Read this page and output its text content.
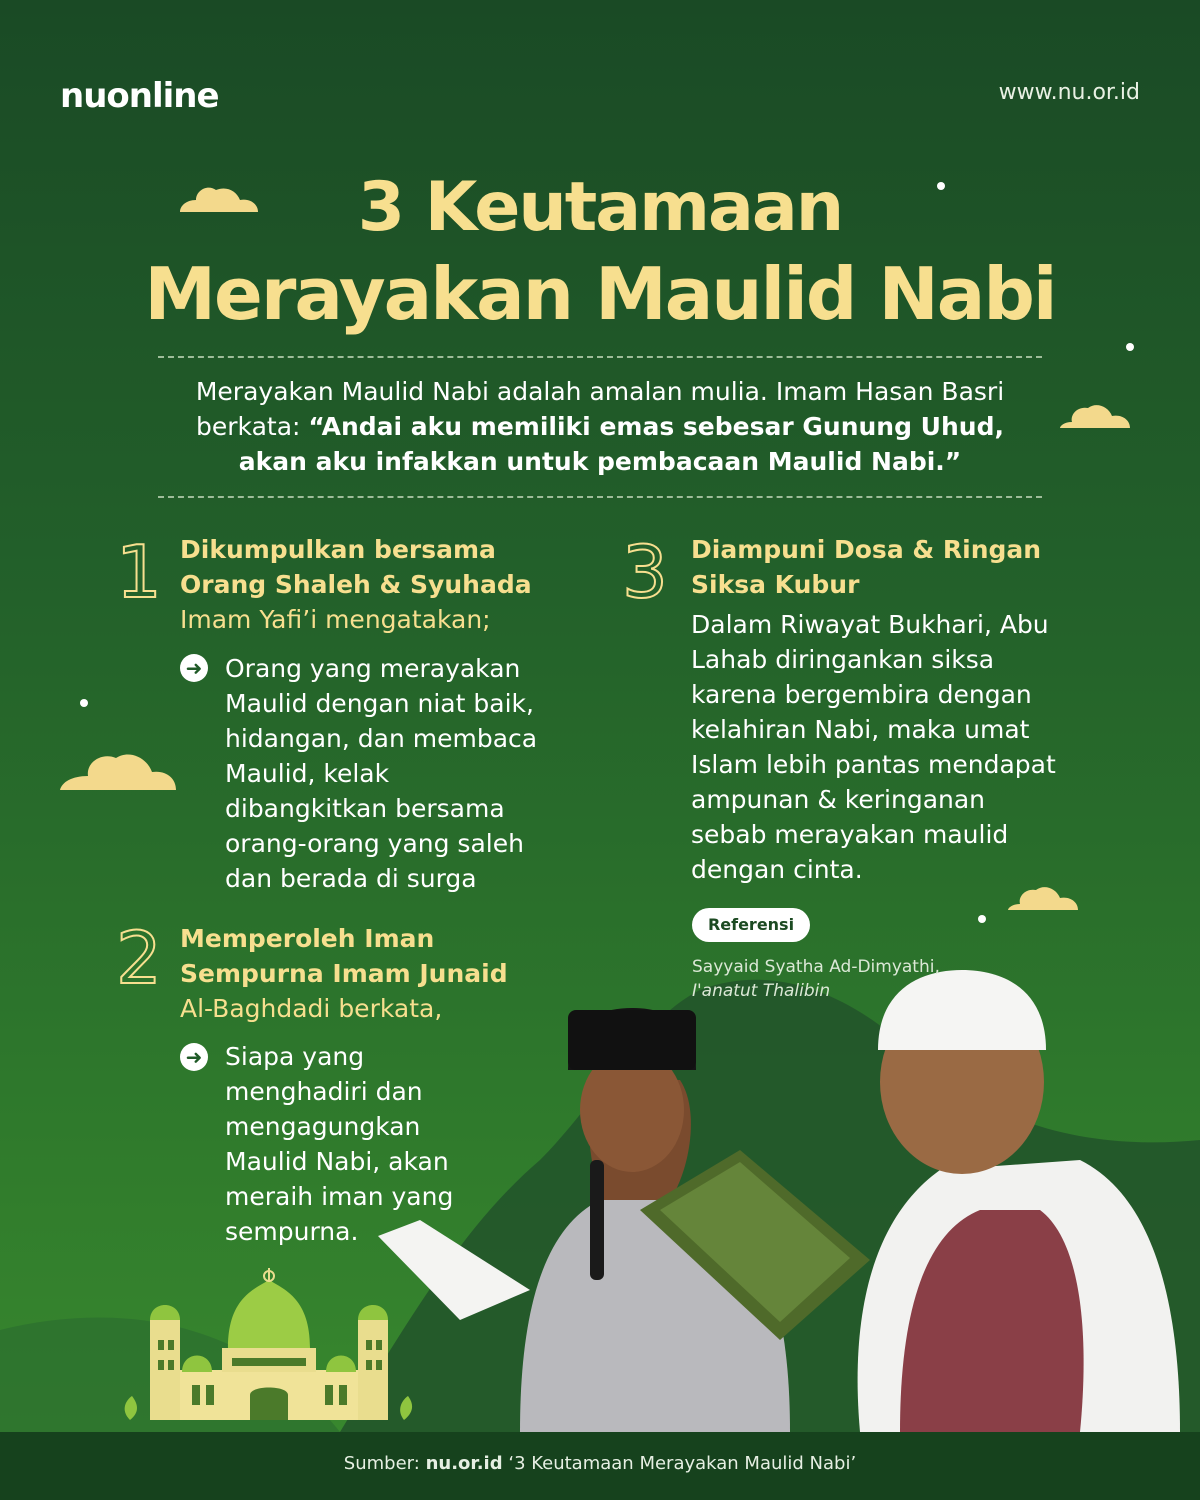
nuonline	www.nu.or.id
3 Keutamaan
Merayakan Maulid Nabi
Merayakan Maulid Nabi adalah amalan mulia. Imam Hasan Basri berkata: “Andai aku memiliki emas sebesar Gunung Uhud, akan aku infakkan untuk pembacaan Maulid Nabi.”
1 Dikumpulkan bersama
Orang Shaleh & Syuhada
Imam Yafi’i mengatakan;
➜ Orang yang merayakan
Maulid dengan niat baik,
hidangan, dan membaca
Maulid, kelak
dibangkitkan bersama
orang-orang yang saleh
dan berada di surga
2 Memperoleh Iman
Sempurna Imam Junaid
Al-Baghdadi berkata,
➜ Siapa yang
menghadiri dan
mengagungkan
Maulid Nabi, akan
meraih iman yang
sempurna.
3 Diampuni Dosa & Ringan
Siksa Kubur
Dalam Riwayat Bukhari, Abu
Lahab diringankan siksa
karena bergembira dengan
kelahiran Nabi, maka umat
Islam lebih pantas mendapat
ampunan & keringanan
sebab merayakan maulid
dengan cinta.
Referensi
Sayyaid Syatha Ad-Dimyathi,
I'anatut Thalibin
Sumber: nu.or.id ‘3 Keutamaan Merayakan Maulid Nabi’
